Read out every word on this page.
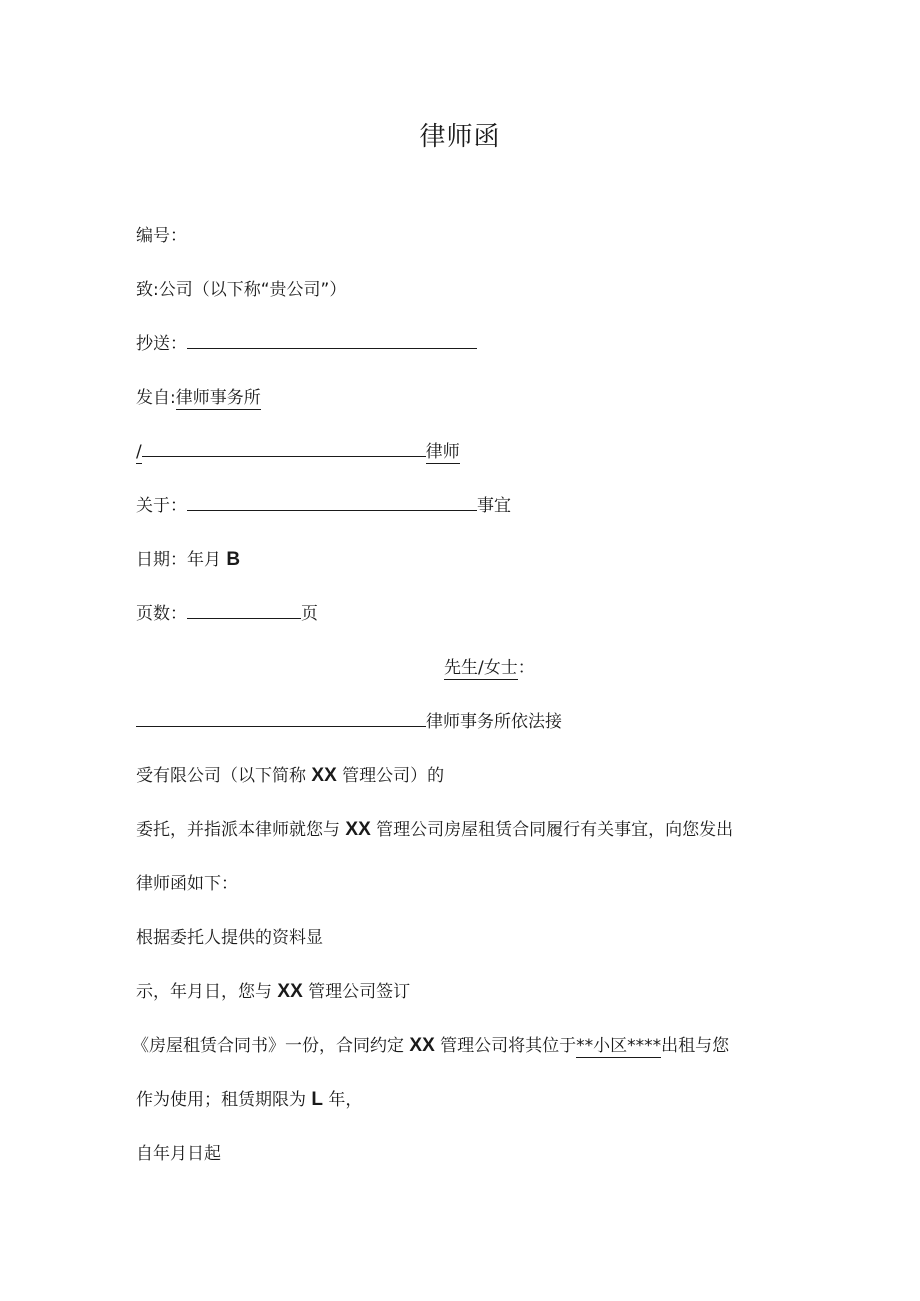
律师函
编号：
致:公司（以下称“贵公司”）
抄送：
发自:律师事务所
/	律师
关于：	事宜
日期：年月 B
页数：	页
先生/女士：
律师事务所依法接
受有限公司（以下简称 XX 管理公司）的
委托，并指派本律师就您与 XX 管理公司房屋租赁合同履行有关事宜，向您发出
律师函如下：
根据委托人提供的资料显
示，年月日，您与 XX 管理公司签订
《房屋租赁合同书》一份，合同约定 XX 管理公司将其位于**小区****出租与您
作为使用；租赁期限为 L 年，
自年月日起
